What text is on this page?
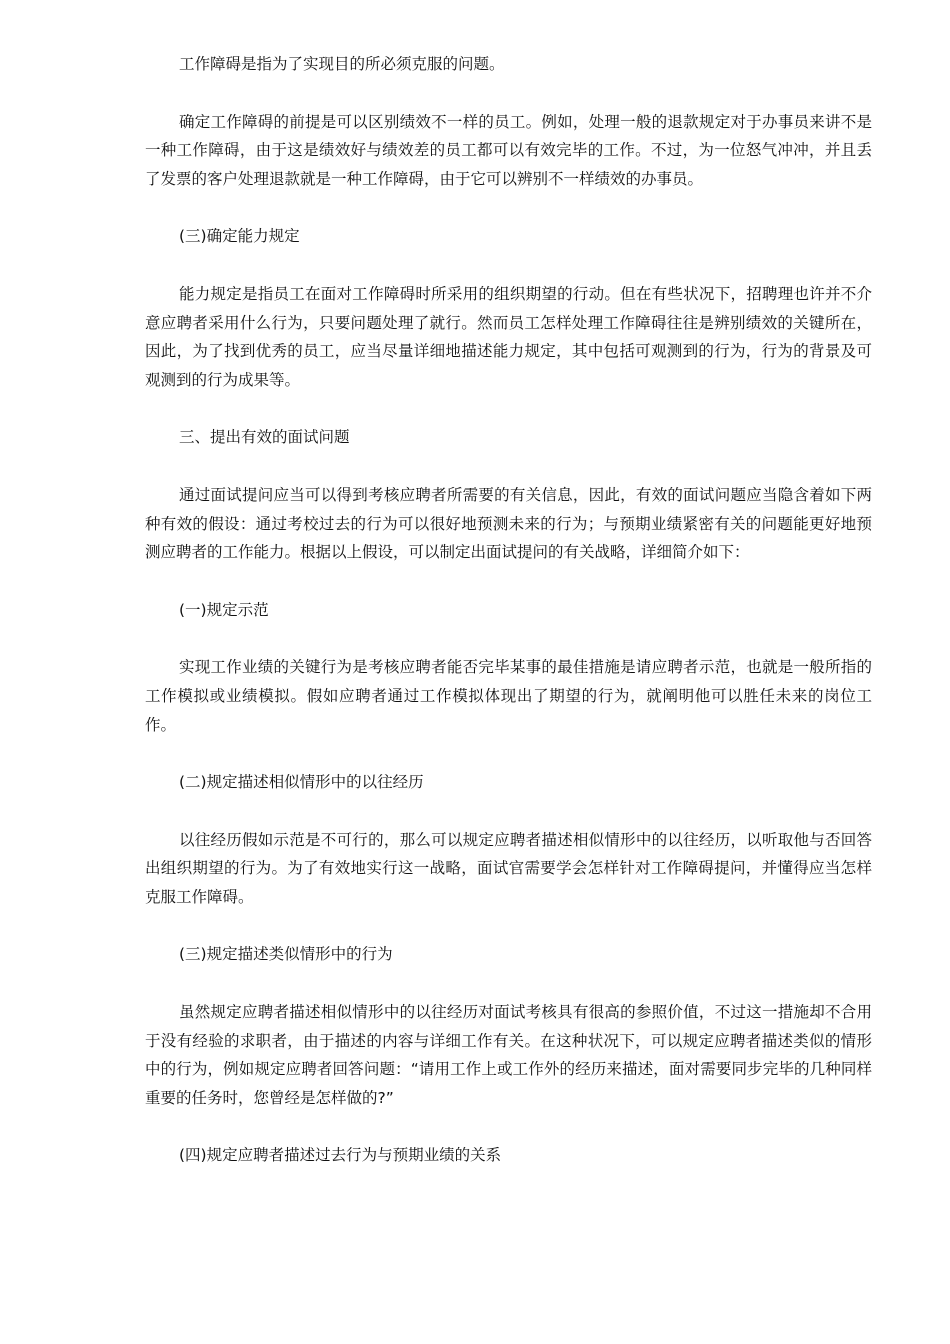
工作障碍是指为了实现目的所必须克服的问题。

确定工作障碍的前提是可以区别绩效不一样的员工。例如，处理一般的退款规定对于办事员来讲不是一种工作障碍，由于这是绩效好与绩效差的员工都可以有效完毕的工作。不过，为一位怒气冲冲，并且丢了发票的客户处理退款就是一种工作障碍，由于它可以辨别不一样绩效的办事员。

(三)确定能力规定

能力规定是指员工在面对工作障碍时所采用的组织期望的行动。但在有些状况下，招聘理也许并不介意应聘者采用什么行为，只要问题处理了就行。然而员工怎样处理工作障碍往往是辨别绩效的关键所在，因此，为了找到优秀的员工，应当尽量详细地描述能力规定，其中包括可观测到的行为，行为的背景及可观测到的行为成果等。

三、提出有效的面试问题

通过面试提问应当可以得到考核应聘者所需要的有关信息，因此，有效的面试问题应当隐含着如下两种有效的假设：通过考校过去的行为可以很好地预测未来的行为；与预期业绩紧密有关的问题能更好地预测应聘者的工作能力。根据以上假设，可以制定出面试提问的有关战略，详细简介如下：

(一)规定示范

实现工作业绩的关键行为是考核应聘者能否完毕某事的最佳措施是请应聘者示范，也就是一般所指的工作模拟或业绩模拟。假如应聘者通过工作模拟体现出了期望的行为，就阐明他可以胜任未来的岗位工作。

(二)规定描述相似情形中的以往经历

以往经历假如示范是不可行的，那么可以规定应聘者描述相似情形中的以往经历，以听取他与否回答出组织期望的行为。为了有效地实行这一战略，面试官需要学会怎样针对工作障碍提问，并懂得应当怎样克服工作障碍。

(三)规定描述类似情形中的行为

虽然规定应聘者描述相似情形中的以往经历对面试考核具有很高的参照价值，不过这一措施却不合用于没有经验的求职者，由于描述的内容与详细工作有关。在这种状况下，可以规定应聘者描述类似的情形中的行为，例如规定应聘者回答问题：“请用工作上或工作外的经历来描述，面对需要同步完毕的几种同样重要的任务时，您曾经是怎样做的?”

(四)规定应聘者描述过去行为与预期业绩的关系
